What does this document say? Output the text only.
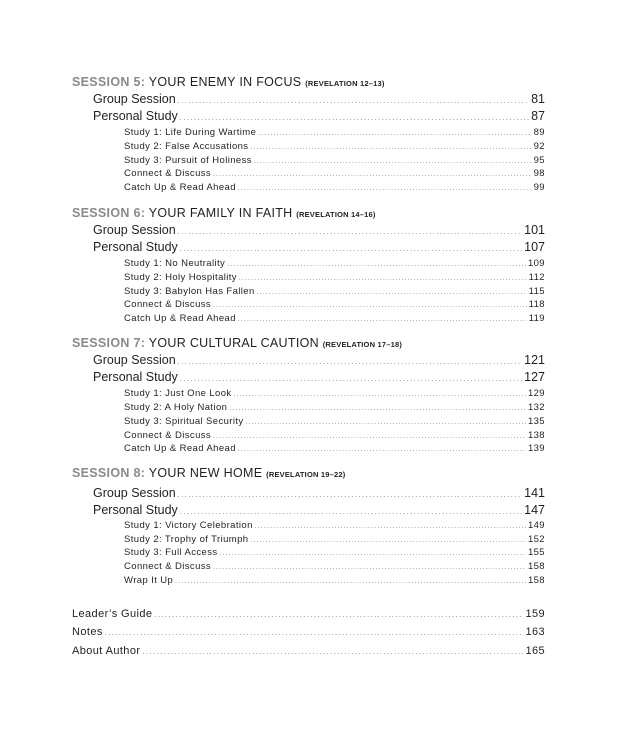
SESSION 5: YOUR ENEMY IN FOCUS (REVELATION 12–13)
Group Session .....	81
Personal Study .....	87
Study 1: Life During Wartime .....	89
Study 2: False Accusations .....	92
Study 3: Pursuit of Holiness .....	95
Connect & Discuss .....	98
Catch Up & Read Ahead .....	99
SESSION 6: YOUR FAMILY IN FAITH (REVELATION 14–16)
Group Session .....	101
Personal Study .....	107
Study 1: No Neutrality .....	109
Study 2: Holy Hospitality .....	112
Study 3: Babylon Has Fallen .....	115
Connect & Discuss .....	118
Catch Up & Read Ahead .....	119
SESSION 7: YOUR CULTURAL CAUTION (REVELATION 17–18)
Group Session .....	121
Personal Study .....	127
Study 1: Just One Look .....	129
Study 2: A Holy Nation .....	132
Study 3: Spiritual Security .....	135
Connect & Discuss .....	138
Catch Up & Read Ahead .....	139
SESSION 8: YOUR NEW HOME (REVELATION 19–22)
Group Session .....	141
Personal Study .....	147
Study 1: Victory Celebration .....	149
Study 2: Trophy of Triumph .....	152
Study 3: Full Access .....	155
Connect & Discuss .....	158
Wrap It Up .....	158
Leader’s Guide .....	159
Notes .....	163
About Author .....	165
